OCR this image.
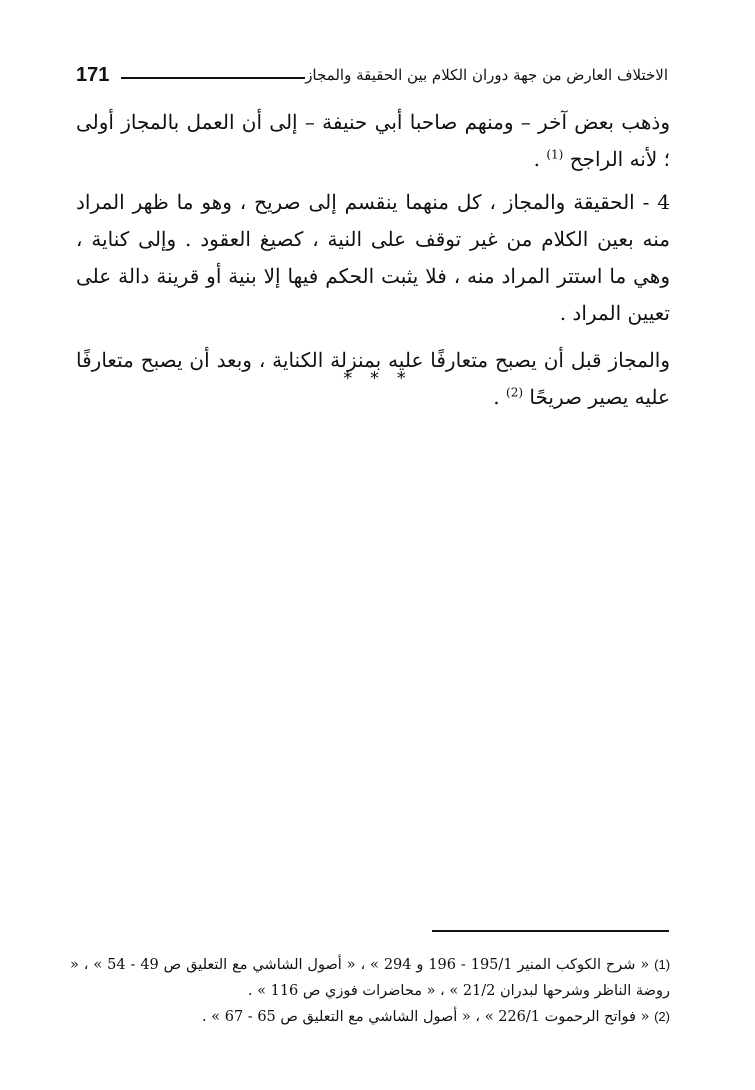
171	الاختلاف العارض من جهة دوران الكلام بين الحقيقة والمجاز

وذهب بعض آخر – ومنهم صاحبا أبي حنيفة – إلى أن العمل بالمجاز أولى ؛ لأنه الراجح $^{(1)}$ .

4 - الحقيقة والمجاز ، كل منهما ينقسم إلى صريح ، وهو ما ظهر المراد منه بعين الكلام من غير توقف على النية ، كصيغ العقود . وإلى كناية ، وهي ما استتر المراد منه ، فلا يثبت الحكم فيها إلا بنية أو قرينة دالة على تعيين المراد .

والمجاز قبل أن يصبح متعارفًا عليه بمنزلة الكناية ، وبعد أن يصبح متعارفًا عليه يصير صريحًا $^{(2)}$ .

* * *

(1) « شرح الكوكب المنير 195/1 - 196 و 294 » ، « أصول الشاشي مع التعليق ص 49 - 54 » ، « روضة الناظر وشرحها لبدران 21/2 » ، « محاضرات فوزي ص 116 » .

(2) « فواتح الرحموت 226/1 » ، « أصول الشاشي مع التعليق ص 65 - 67 » .
